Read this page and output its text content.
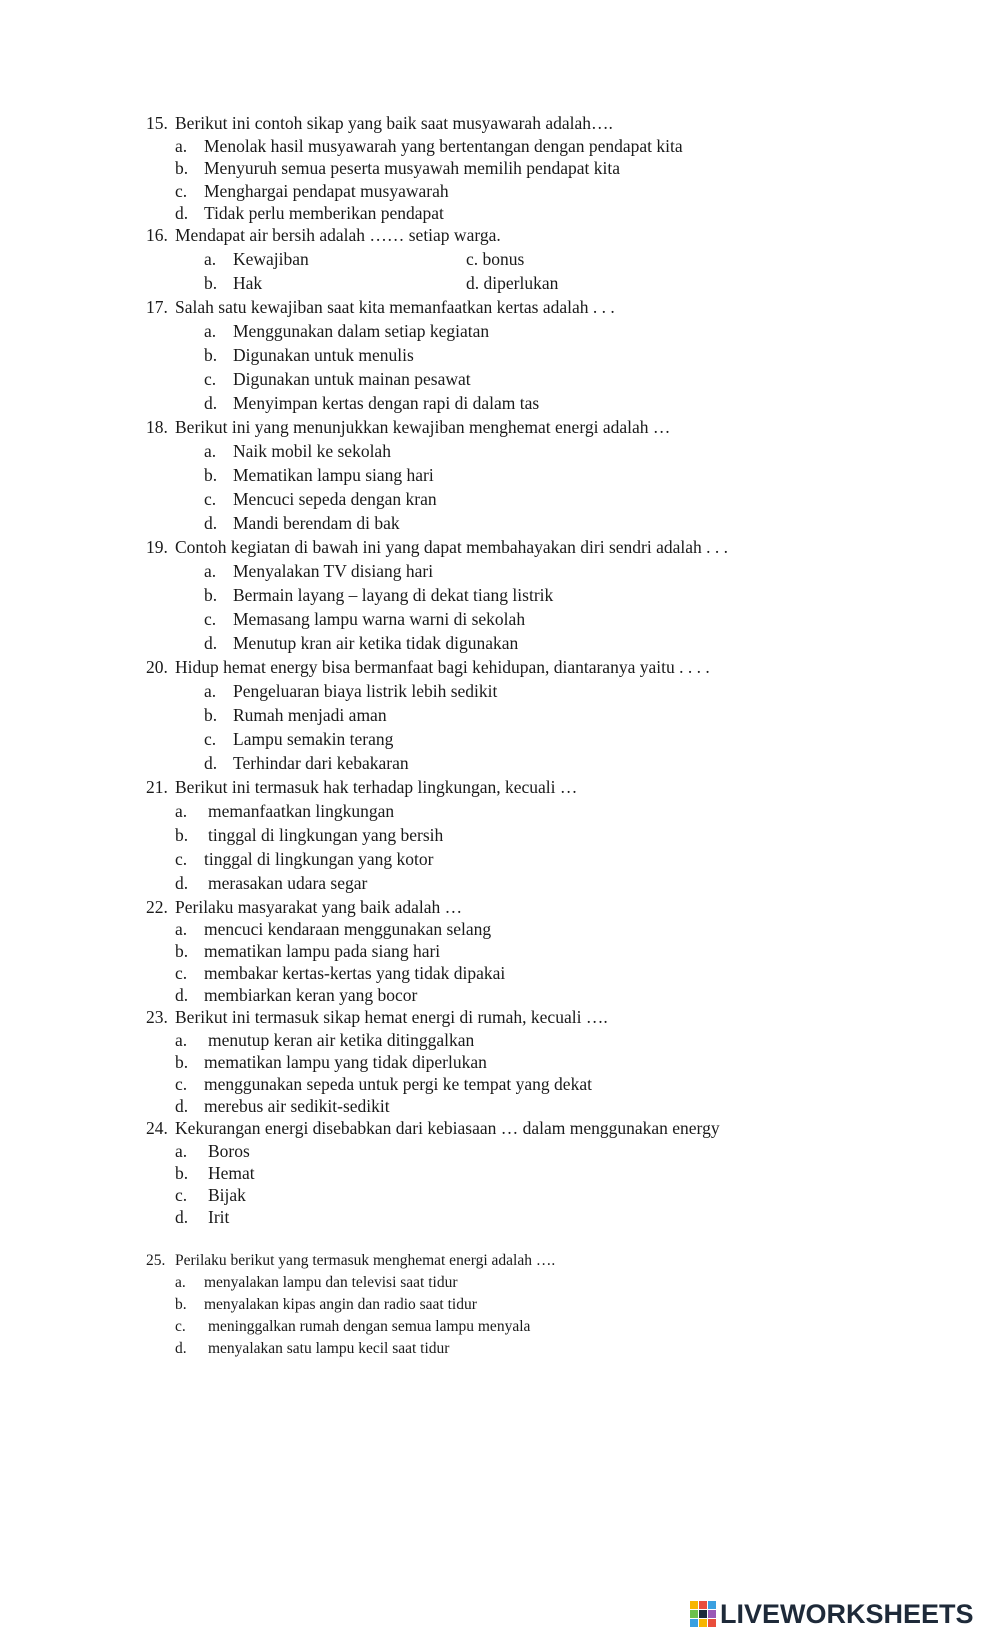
15. Berikut ini contoh sikap yang baik saat musyawarah adalah….
a. Menolak hasil musyawarah yang bertentangan dengan pendapat kita
b. Menyuruh semua peserta musyawah memilih pendapat kita
c. Menghargai pendapat musyawarah
d. Tidak perlu memberikan pendapat
16. Mendapat air bersih adalah …… setiap warga.
a. Kewajiban	c. bonus
b. Hak	d. diperlukan
17. Salah satu kewajiban saat kita memanfaatkan kertas adalah . . .
a. Menggunakan dalam setiap kegiatan
b. Digunakan untuk menulis
c. Digunakan untuk mainan pesawat
d. Menyimpan kertas dengan rapi di dalam tas
18. Berikut ini yang menunjukkan kewajiban menghemat energi adalah …
a. Naik mobil ke sekolah
b. Mematikan lampu siang hari
c. Mencuci sepeda dengan kran
d. Mandi berendam di bak
19. Contoh kegiatan di bawah ini yang dapat membahayakan diri sendri adalah . . .
a. Menyalakan TV disiang hari
b. Bermain layang – layang di dekat tiang listrik
c. Memasang lampu warna warni di sekolah
d. Menutup kran air ketika tidak digunakan
20. Hidup hemat energy bisa bermanfaat bagi kehidupan, diantaranya yaitu . . . .
a. Pengeluaran biaya listrik lebih sedikit
b. Rumah menjadi aman
c. Lampu semakin terang
d. Terhindar dari kebakaran
21. Berikut ini termasuk hak terhadap lingkungan, kecuali …
a. memanfaatkan lingkungan
b. tinggal di lingkungan yang bersih
c. tinggal di lingkungan yang kotor
d. merasakan udara segar
22. Perilaku masyarakat yang baik adalah …
a. mencuci kendaraan menggunakan selang
b. mematikan lampu pada siang hari
c. membakar kertas-kertas yang tidak dipakai
d. membiarkan keran yang bocor
23. Berikut ini termasuk sikap hemat energi di rumah, kecuali ….
a. menutup keran air ketika ditinggalkan
b. mematikan lampu yang tidak diperlukan
c. menggunakan sepeda untuk pergi ke tempat yang dekat
d. merebus air sedikit-sedikit
24. Kekurangan energi disebabkan dari kebiasaan … dalam menggunakan energy
a. Boros
b. Hemat
c. Bijak
d. Irit
25. Perilaku berikut yang termasuk menghemat energi adalah ….
a. menyalakan lampu dan televisi saat tidur
b. menyalakan kipas angin dan radio saat tidur
c. meninggalkan rumah dengan semua lampu menyala
d. menyalakan satu lampu kecil saat tidur
LIVEWORKSHEETS
